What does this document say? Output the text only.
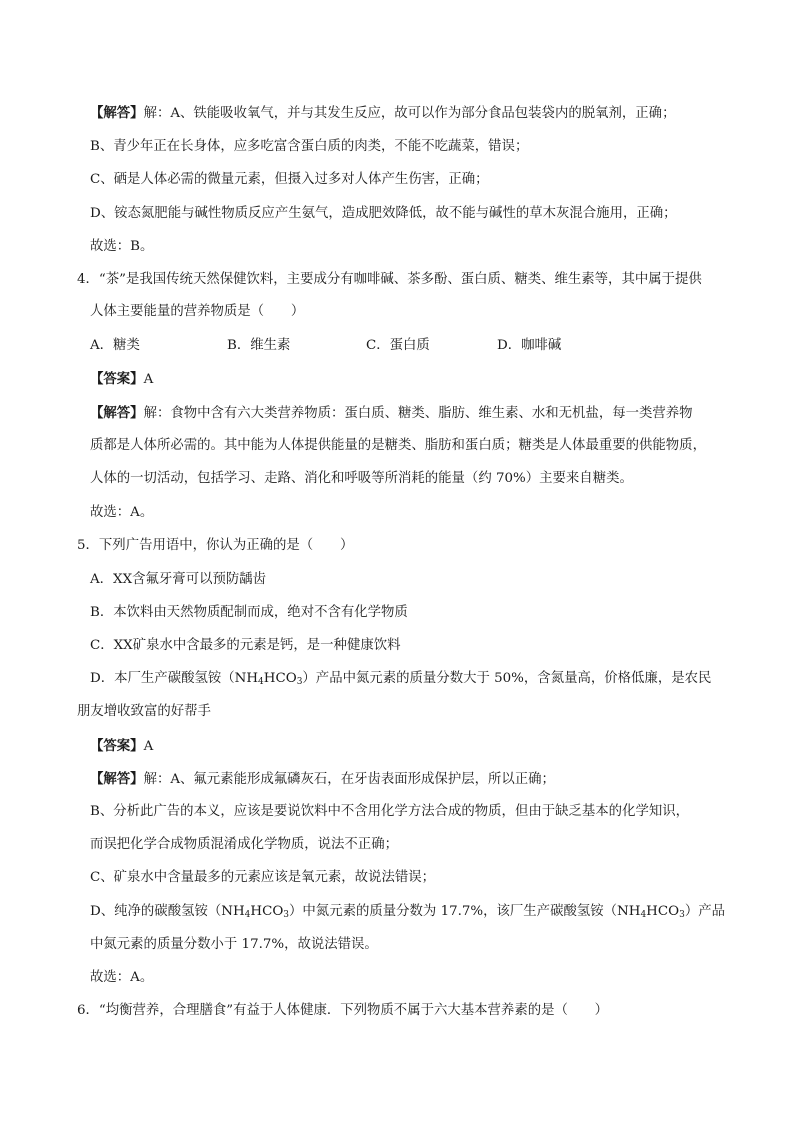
【解答】解：A、铁能吸收氧气，并与其发生反应，故可以作为部分食品包装袋内的脱氧剂，正确；
B、青少年正在长身体，应多吃富含蛋白质的肉类，不能不吃蔬菜，错误；
C、硒是人体必需的微量元素，但摄入过多对人体产生伤害，正确；
D、铵态氮肥能与碱性物质反应产生氨气，造成肥效降低，故不能与碱性的草木灰混合施用，正确；
故选：B。
4．“茶”是我国传统天然保健饮料，主要成分有咖啡碱、茶多酚、蛋白质、糖类、维生素等，其中属于提供
人体主要能量的营养物质是（　　）
A．糖类	B．维生素	C．蛋白质	D．咖啡碱
【答案】A
【解答】解：食物中含有六大类营养物质：蛋白质、糖类、脂肪、维生素、水和无机盐，每一类营养物
质都是人体所必需的。其中能为人体提供能量的是糖类、脂肪和蛋白质；糖类是人体最重要的供能物质，
人体的一切活动，包括学习、走路、消化和呼吸等所消耗的能量（约 70%）主要来自糖类。
故选：A。
5．下列广告用语中，你认为正确的是（　　）
A．XX含氟牙膏可以预防龋齿
B．本饮料由天然物质配制而成，绝对不含有化学物质
C．XX矿泉水中含最多的元素是钙，是一种健康饮料
D．本厂生产碳酸氢铵$(NH_4HCO_3)$产品中氮元素的质量分数大于 50%，含氮量高，价格低廉，是农民
朋友增收致富的好帮手
【答案】A
【解答】解：A、氟元素能形成氟磷灰石，在牙齿表面形成保护层，所以正确；
B、分析此广告的本义，应该是要说饮料中不含用化学方法合成的物质，但由于缺乏基本的化学知识，
而误把化学合成物质混淆成化学物质，说法不正确；
C、矿泉水中含量最多的元素应该是氧元素，故说法错误；
D、纯净的碳酸氢铵$(NH_4HCO_3)$中氮元素的质量分数为 17.7%，该厂生产碳酸氢铵$(NH_4HCO_3)$产品
中氮元素的质量分数小于 17.7%，故说法错误。
故选：A。
6．“均衡营养，合理膳食”有益于人体健康．下列物质不属于六大基本营养素的是（　　）
